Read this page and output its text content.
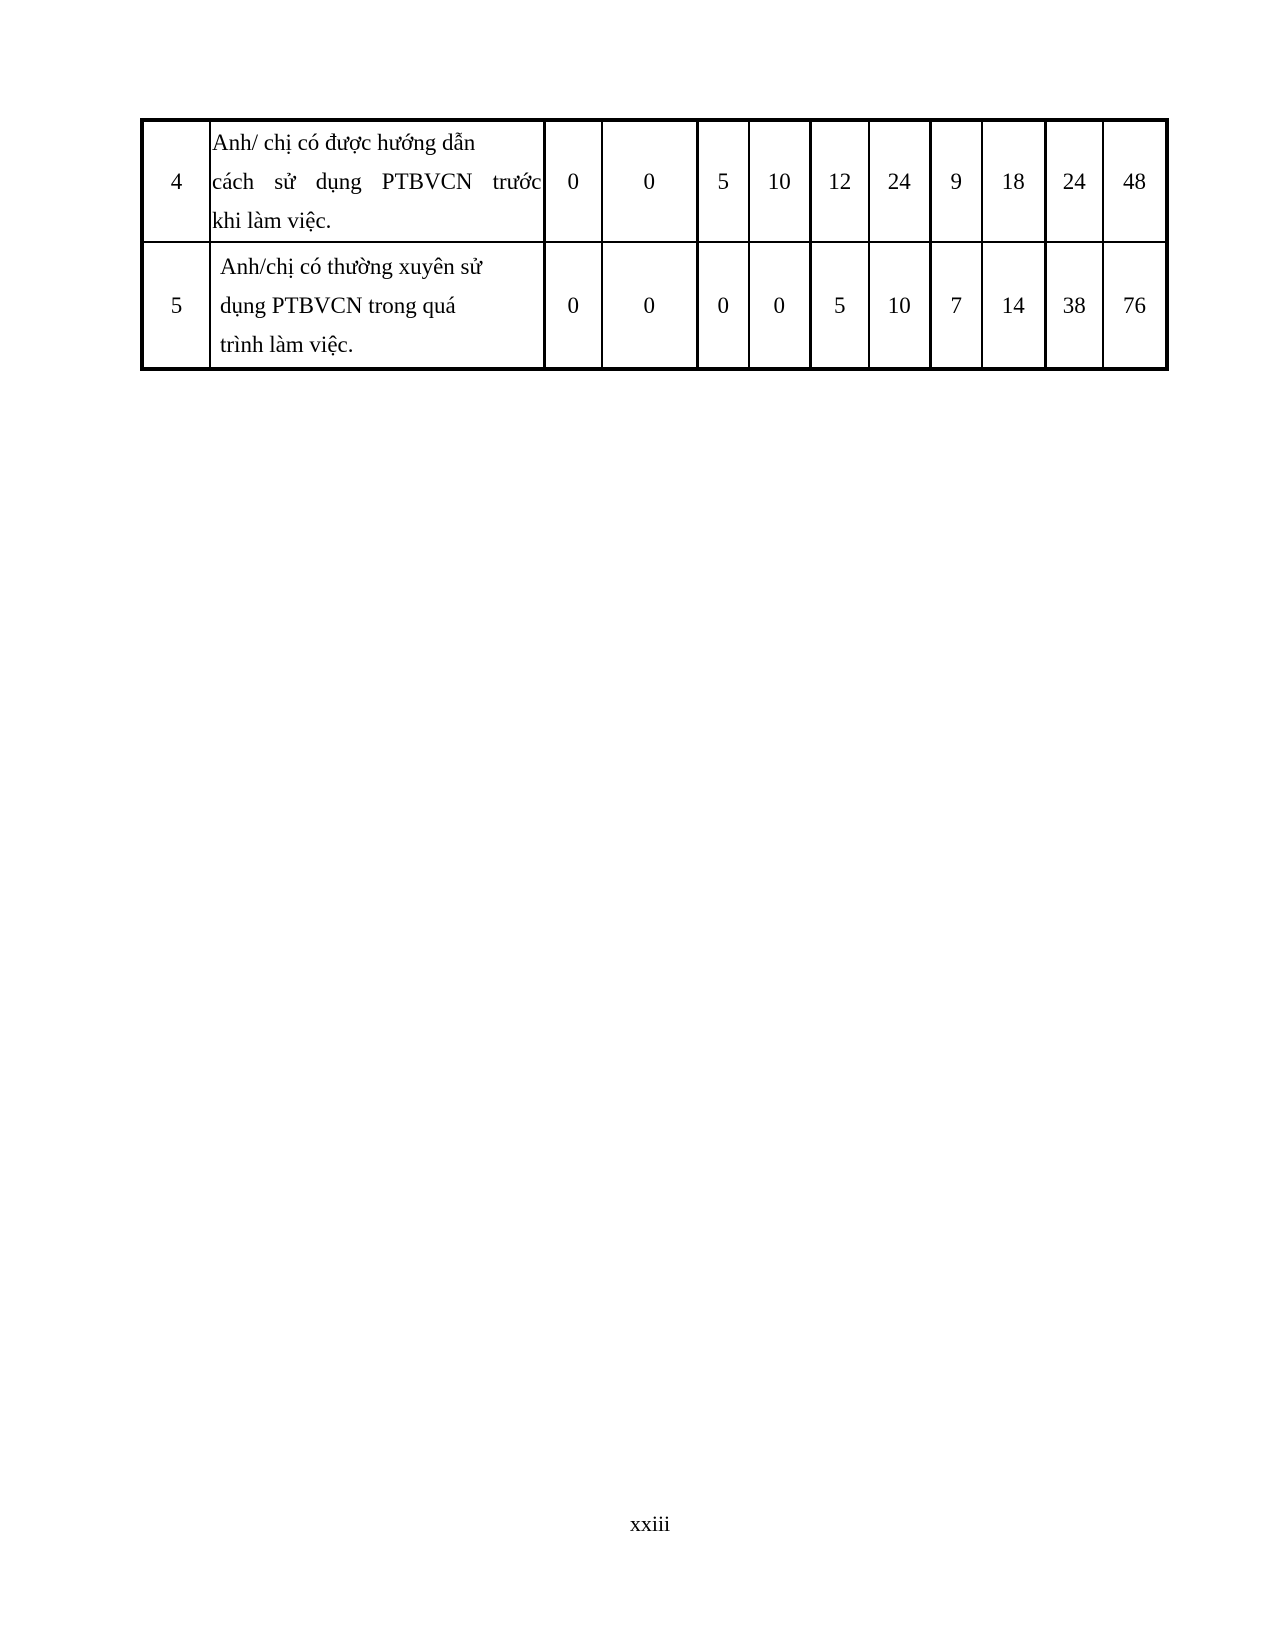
4	Anh/ chị có được hướng dẫn
cách sử dụng PTBVCN trước
khi làm việc.	0	0	5	10	12	24	9	18	24	48
5	Anh/chị có thường xuyên sử
dụng PTBVCN trong quá
trình làm việc.	0	0	0	0	5	10	7	14	38	76
xxiii
